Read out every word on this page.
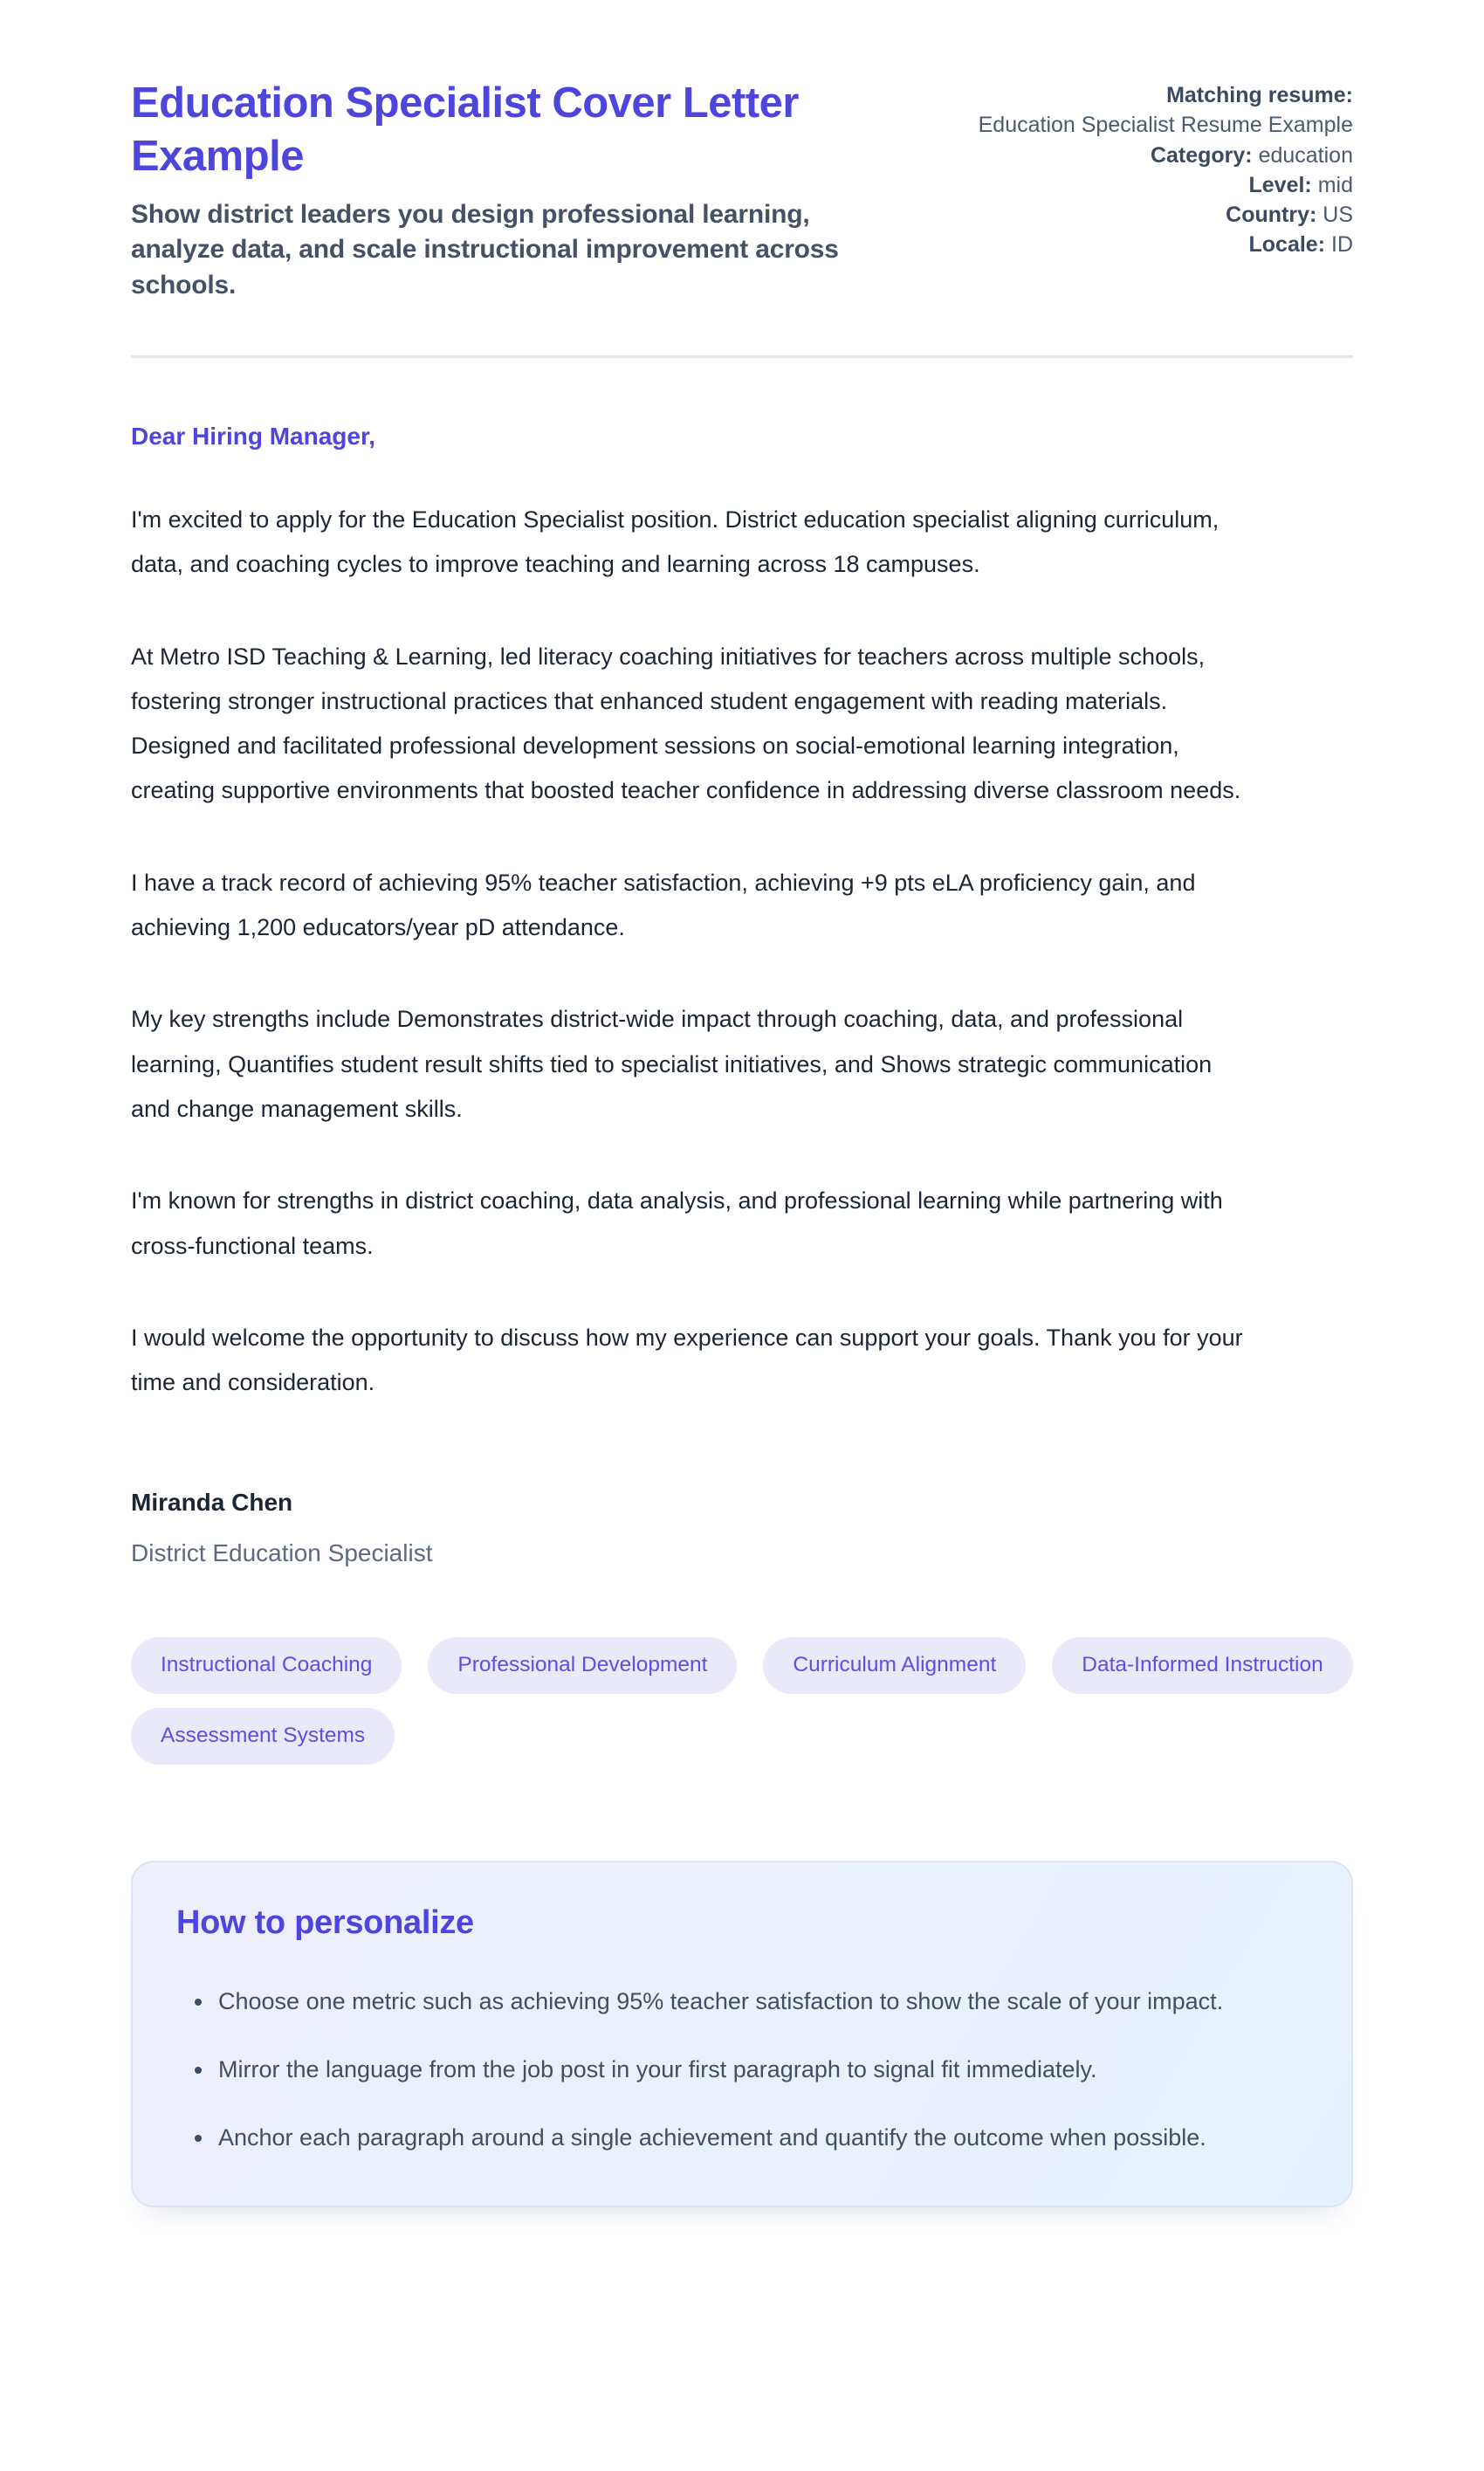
Education Specialist Cover Letter Example

Show district leaders you design professional learning, analyze data, and scale instructional improvement across schools.

Matching resume:
Education Specialist Resume Example
Category: education
Level: mid
Country: US
Locale: ID

Dear Hiring Manager,

I'm excited to apply for the Education Specialist position. District education specialist aligning curriculum, data, and coaching cycles to improve teaching and learning across 18 campuses.

At Metro ISD Teaching & Learning, led literacy coaching initiatives for teachers across multiple schools, fostering stronger instructional practices that enhanced student engagement with reading materials. Designed and facilitated professional development sessions on social-emotional learning integration, creating supportive environments that boosted teacher confidence in addressing diverse classroom needs.

I have a track record of achieving 95% teacher satisfaction, achieving +9 pts eLA proficiency gain, and achieving 1,200 educators/year pD attendance.

My key strengths include Demonstrates district-wide impact through coaching, data, and professional learning, Quantifies student result shifts tied to specialist initiatives, and Shows strategic communication and change management skills.

I'm known for strengths in district coaching, data analysis, and professional learning while partnering with cross-functional teams.

I would welcome the opportunity to discuss how my experience can support your goals. Thank you for your time and consideration.

Miranda Chen

District Education Specialist

Instructional Coaching	Professional Development	Curriculum Alignment	Data-Informed Instruction
Assessment Systems
How to personalize
• Choose one metric such as achieving 95% teacher satisfaction to show the scale of your impact.
• Mirror the language from the job post in your first paragraph to signal fit immediately.
• Anchor each paragraph around a single achievement and quantify the outcome when possible.
